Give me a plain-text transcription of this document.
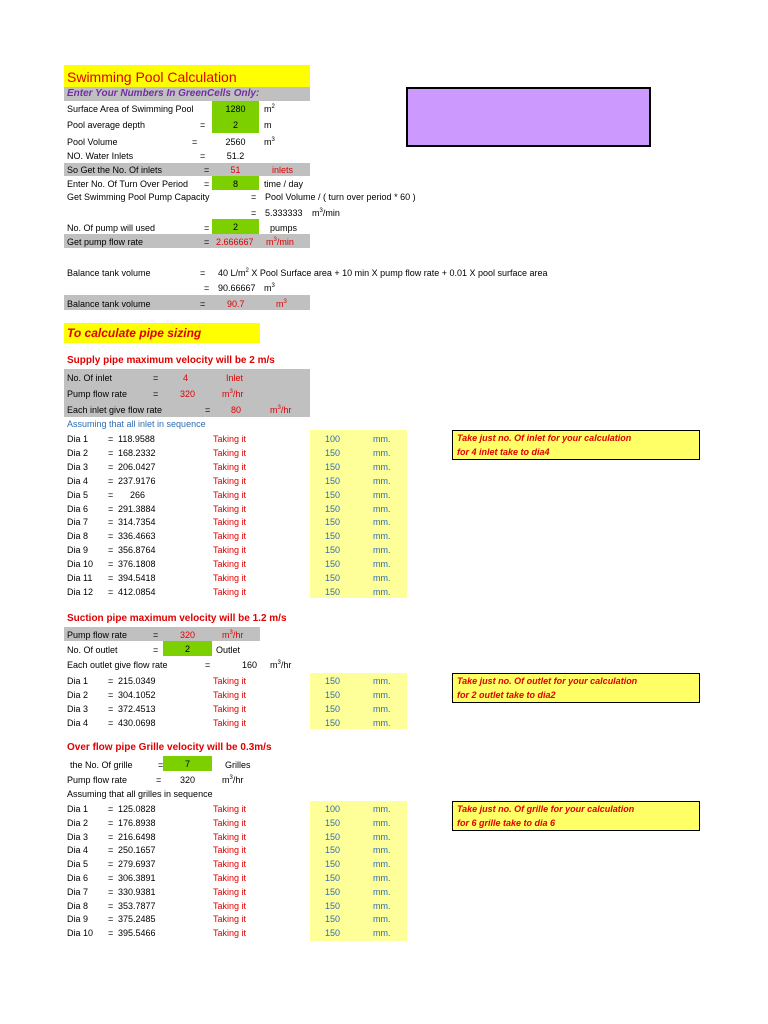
Swimming Pool Calculation
Enter Your Numbers In GreenCells Only:
Surface Area of Swimming Pool	1280	$m^2$
Pool average depth	=	2	m
Pool Volume	=	2560	$m^3$
NO. Water Inlets	=	51.2
So Get the No. Of inlets	=	51	inlets
Enter No. Of Turn Over Period =	8	time / day
Get Swimming Pool Pump Capacity	= Pool Volume / ( turn over period * 60 )
= 5.333333 $m^3/\min$
No. Of pump will used	=	2	pumps
Get pump flow rate	= 2.666667 $m^3/\min$
Balance tank volume	= 40 $L/m^2$ X Pool Surface area + 10 min X pump flow rate + 0.01 X pool surface area
= 90.66667 $m^3$
Balance tank volume	= 90.7	$m^3$
To calculate pipe sizing
Supply pipe maximum velocity will be 2 m/s
No. Of inlet	=	4	Inlet
Pump flow rate	= 320	$m^3/hr$
Each inlet give flow rate	= 80	$m^3/hr$
Assuming that all inlet in sequence
Dia 1 = 118.9588	Taking it	100	mm.
Dia 2 = 168.2332	Taking it	150	mm.
Dia 3 = 206.0427	Taking it	150	mm.
Dia 4 = 237.9176	Taking it	150	mm.
Dia 5 = 266	Taking it	150	mm.
Dia 6 = 291.3884	Taking it	150	mm.
Dia 7 = 314.7354	Taking it	150	mm.
Dia 8 = 336.4663	Taking it	150	mm.
Dia 9 = 356.8764	Taking it	150	mm.
Dia 10 = 376.1808	Taking it	150	mm.
Dia 11 = 394.5418	Taking it	150	mm.
Dia 12 = 412.0854	Taking it	150	mm.
Take just no. Of inlet for your calculation
for 4 inlet take to dia4
Suction pipe maximum velocity will be 1.2 m/s
Pump flow rate	= 320	$m^3/hr$
No. Of outlet	=	2	Outlet
Each outlet give flow rate	=	160 $m^3/hr$
Dia 1 = 215.0349	Taking it	150	mm.
Dia 2 = 304.1052	Taking it	150	mm.
Dia 3 = 372.4513	Taking it	150	mm.
Dia 4 = 430.0698	Taking it	150	mm.
Take just no. Of outlet for your calculation
for 2 outlet take to dia2
Over flow pipe Grille velocity will be 0.3m/s
the No. Of grille	=	7	Grilles
Pump flow rate	= 320	$m^3/hr$
Assuming that all grilles in sequence
Dia 1 = 125.0828	Taking it	100	mm.
Dia 2 = 176.8938	Taking it	150	mm.
Dia 3 = 216.6498	Taking it	150	mm.
Dia 4 = 250.1657	Taking it	150	mm.
Dia 5 = 279.6937	Taking it	150	mm.
Dia 6 = 306.3891	Taking it	150	mm.
Dia 7 = 330.9381	Taking it	150	mm.
Dia 8 = 353.7877	Taking it	150	mm.
Dia 9 = 375.2485	Taking it	150	mm.
Dia 10 = 395.5466	Taking it	150	mm.
Take just no. Of grille for your calculation
for 6 grille take to dia 6
